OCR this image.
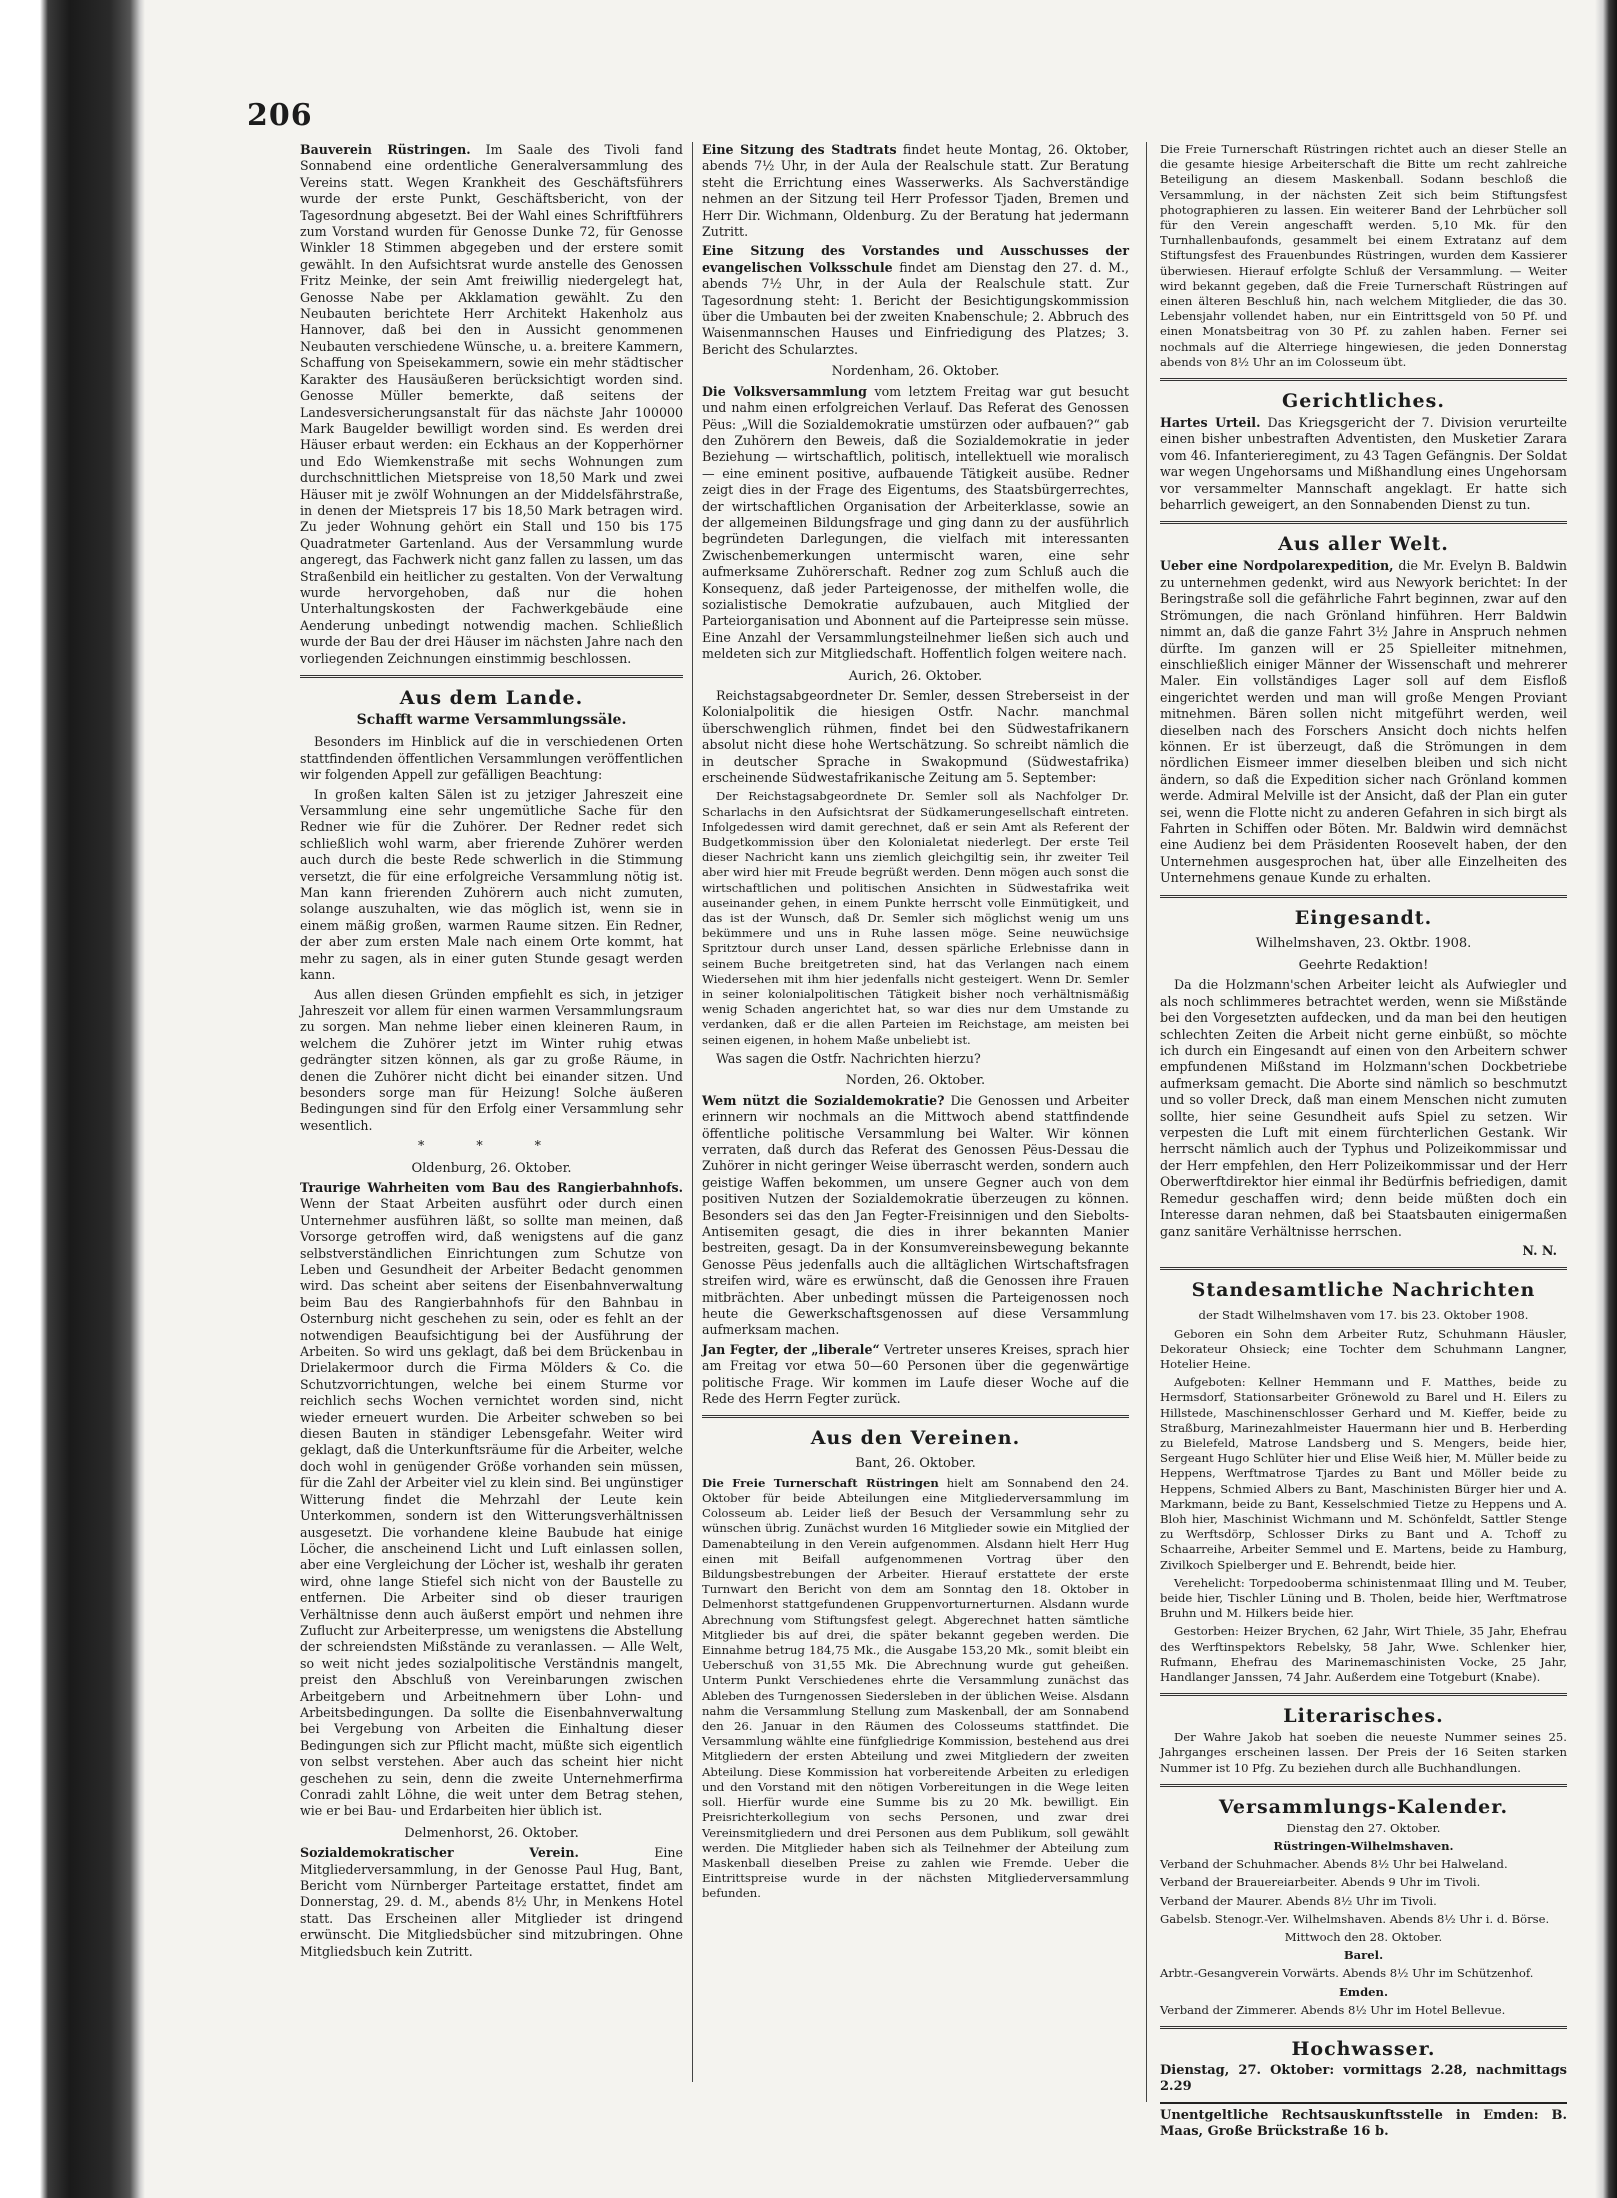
206

Bauverein Rüstringen. Im Saale des Tivoli fand Sonnabend eine ordentliche Generalversammlung des Vereins statt. Wegen Krankheit des Geschäftsführers wurde der erste Punkt, Geschäftsbericht, von der Tagesordnung abgesetzt. Bei der Wahl eines Schriftführers zum Vorstand wurden für Genosse Dunke 72, für Genosse Winkler 18 Stimmen abgegeben und der erstere somit gewählt. In den Aufsichtsrat wurde anstelle des Genossen Fritz Meinke, der sein Amt freiwillig niedergelegt hat, Genosse Nabe per Akklamation gewählt. Zu den Neubauten berichtete Herr Architekt Hakenholz aus Hannover, daß bei den in Aussicht genommenen Neubauten verschiedene Wünsche, u. a. breitere Kammern, Schaffung von Speisekammern, sowie ein mehr städtischer Karakter des Hausäußeren berücksichtigt worden sind. Genosse Müller bemerkte, daß seitens der Landesversicherungsanstalt für das nächste Jahr 100000 Mark Baugelder bewilligt worden sind. Es werden drei Häuser erbaut werden: ein Eckhaus an der Kopperhörner und Edo Wiemkenstraße mit sechs Wohnungen zum durchschnittlichen Mietspreise von 18,50 Mark und zwei Häuser mit je zwölf Wohnungen an der Middelsfährstraße, in denen der Mietspreis 17 bis 18,50 Mark betragen wird. Zu jeder Wohnung gehört ein Stall und 150 bis 175 Quadratmeter Gartenland. Aus der Versammlung wurde angeregt, das Fachwerk nicht ganz fallen zu lassen, um das Straßenbild ein heitlicher zu gestalten. Von der Verwaltung wurde hervorgehoben, daß nur die hohen Unterhaltungskosten der Fachwerkgebäude eine Aenderung unbedingt notwendig machen. Schließlich wurde der Bau der drei Häuser im nächsten Jahre nach den vorliegenden Zeichnungen einstimmig beschlossen.

Aus dem Lande.
Schafft warme Versammlungssäle.

Besonders im Hinblick auf die in verschiedenen Orten stattfindenden öffentlichen Versammlungen veröffentlichen wir folgenden Appell zur gefälligen Beachtung:

In großen kalten Sälen ist zu jetziger Jahreszeit eine Versammlung eine sehr ungemütliche Sache für den Redner wie für die Zuhörer. Der Redner redet sich schließlich wohl warm, aber frierende Zuhörer werden auch durch die beste Rede schwerlich in die Stimmung versetzt, die für eine erfolgreiche Versammlung nötig ist. Man kann frierenden Zuhörern auch nicht zumuten, solange auszuhalten, wie das möglich ist, wenn sie in einem mäßig großen, warmen Raume sitzen. Ein Redner, der aber zum ersten Male nach einem Orte kommt, hat mehr zu sagen, als in einer guten Stunde gesagt werden kann.

Aus allen diesen Gründen empfiehlt es sich, in jetziger Jahreszeit vor allem für einen warmen Versammlungsraum zu sorgen. Man nehme lieber einen kleineren Raum, in welchem die Zuhörer jetzt im Winter ruhig etwas gedrängter sitzen können, als gar zu große Räume, in denen die Zuhörer nicht dicht bei einander sitzen. Und besonders sorge man für Heizung! Solche äußeren Bedingungen sind für den Erfolg einer Versammlung sehr wesentlich.

* * *

Oldenburg, 26. Oktober.

Traurige Wahrheiten vom Bau des Rangierbahnhofs. Wenn der Staat Arbeiten ausführt oder durch einen Unternehmer ausführen läßt, so sollte man meinen, daß Vorsorge getroffen wird, daß wenigstens auf die ganz selbstverständlichen Einrichtungen zum Schutze von Leben und Gesundheit der Arbeiter Bedacht genommen wird. Das scheint aber seitens der Eisenbahnverwaltung beim Bau des Rangierbahnhofs für den Bahnbau in Osternburg nicht geschehen zu sein, oder es fehlt an der notwendigen Beaufsichtigung bei der Ausführung der Arbeiten. So wird uns geklagt, daß bei dem Brückenbau in Drielakermoor durch die Firma Mölders & Co. die Schutzvorrichtungen, welche bei einem Sturme vor reichlich sechs Wochen vernichtet worden sind, nicht wieder erneuert wurden. Die Arbeiter schweben so bei diesen Bauten in ständiger Lebensgefahr. Weiter wird geklagt, daß die Unterkunftsräume für die Arbeiter, welche doch wohl in genügender Größe vorhanden sein müssen, für die Zahl der Arbeiter viel zu klein sind. Bei ungünstiger Witterung findet die Mehrzahl der Leute kein Unterkommen, sondern ist den Witterungsverhältnissen ausgesetzt. Die vorhandene kleine Baubude hat einige Löcher, die anscheinend Licht und Luft einlassen sollen, aber eine Vergleichung der Löcher ist, weshalb ihr geraten wird, ohne lange Stiefel sich nicht von der Baustelle zu entfernen. Die Arbeiter sind ob dieser traurigen Verhältnisse denn auch äußerst empört und nehmen ihre Zuflucht zur Arbeiterpresse, um wenigstens die Abstellung der schreiendsten Mißstände zu veranlassen. — Alle Welt, so weit nicht jedes sozialpolitische Verständnis mangelt, preist den Abschluß von Vereinbarungen zwischen Arbeitgebern und Arbeitnehmern über Lohn- und Arbeitsbedingungen. Da sollte die Eisenbahnverwaltung bei Vergebung von Arbeiten die Einhaltung dieser Bedingungen sich zur Pflicht macht, müßte sich eigentlich von selbst verstehen. Aber auch das scheint hier nicht geschehen zu sein, denn die zweite Unternehmerfirma Conradi zahlt Löhne, die weit unter dem Betrag stehen, wie er bei Bau- und Erdarbeiten hier üblich ist.

Delmenhorst, 26. Oktober.

Sozialdemokratischer Verein.	Eine Mitgliederversammlung, in der Genosse Paul Hug, Bant, Bericht vom Nürnberger Parteitage erstattet, findet am Donnerstag, 29. d. M., abends 8½ Uhr, in Menkens Hotel statt. Das Erscheinen aller Mitglieder ist dringend erwünscht. Die Mitgliedsbücher sind mitzubringen. Ohne Mitgliedsbuch kein Zutritt.

Eine Sitzung des Stadtrats findet heute Montag, 26. Oktober, abends 7½ Uhr, in der Aula der Realschule statt. Zur Beratung steht die Errichtung eines Wasserwerks. Als Sachverständige nehmen an der Sitzung teil Herr Professor Tjaden, Bremen und Herr Dir. Wichmann, Oldenburg. Zu der Beratung hat jedermann Zutritt.

Eine Sitzung des Vorstandes und Ausschusses der evangelischen Volksschule findet am Dienstag den 27. d. M., abends 7½ Uhr, in der Aula der Realschule statt. Zur Tagesordnung steht: 1. Bericht der Besichtigungskommission über die Umbauten bei der zweiten Knabenschule; 2. Abbruch des Waisenmannschen Hauses und Einfriedigung des Platzes; 3. Bericht des Schularztes.

Nordenham, 26. Oktober.

Die Volksversammlung vom letztem Freitag war gut besucht und nahm einen erfolgreichen Verlauf. Das Referat des Genossen Pëus: „Will die Sozialdemokratie umstürzen oder aufbauen?“ gab den Zuhörern den Beweis, daß die Sozialdemokratie in jeder Beziehung — wirtschaftlich, politisch, intellektuell wie moralisch — eine eminent positive, aufbauende Tätigkeit ausübe. Redner zeigt dies in der Frage des Eigentums, des Staatsbürgerrechtes, der wirtschaftlichen Organisation der Arbeiterklasse, sowie an der allgemeinen Bildungsfrage und ging dann zu der ausführlich begründeten Darlegungen, die vielfach mit interessanten Zwischenbemerkungen untermischt waren, eine sehr aufmerksame Zuhörerschaft. Redner zog zum Schluß auch die Konsequenz, daß jeder Parteigenosse, der mithelfen wolle, die sozialistische Demokratie aufzubauen, auch Mitglied der Parteiorganisation und Abonnent auf die Parteipresse sein müsse. Eine Anzahl der Versammlungsteilnehmer ließen sich auch und meldeten sich zur Mitgliedschaft. Hoffentlich folgen weitere nach.

Aurich, 26. Oktober.

Reichstagsabgeordneter Dr. Semler, dessen Streberseist in der Kolonialpolitik die hiesigen Ostfr. Nachr. manchmal überschwenglich rühmen, findet bei den Südwestafrikanern absolut nicht diese hohe Wertschätzung. So schreibt nämlich die in deutscher Sprache in Swakopmund (Südwestafrika) erscheinende Südwestafrikanische Zeitung am 5. September:

Der Reichstagsabgeordnete Dr. Semler soll als Nachfolger Dr. Scharlachs in den Aufsichtsrat der Südkamerungesellschaft eintreten. Infolgedessen wird damit gerechnet, daß er sein Amt als Referent der Budgetkommission über den Kolonialetat niederlegt. Der erste Teil dieser Nachricht kann uns ziemlich gleichgiltig sein, ihr zweiter Teil aber wird hier mit Freude begrüßt werden. Denn mögen auch sonst die wirtschaftlichen und politischen Ansichten in Südwestafrika weit auseinander gehen, in einem Punkte herrscht volle Einmütigkeit, und das ist der Wunsch, daß Dr. Semler sich möglichst wenig um uns bekümmere und uns in Ruhe lassen möge. Seine neuwüchsige Spritztour durch unser Land, dessen spärliche Erlebnisse dann in seinem Buche breitgetreten sind, hat das Verlangen nach einem Wiedersehen mit ihm hier jedenfalls nicht gesteigert. Wenn Dr. Semler in seiner kolonialpolitischen Tätigkeit bisher noch verhältnismäßig wenig Schaden angerichtet hat, so war dies nur dem Umstande zu verdanken, daß er die allen Parteien im Reichstage, am meisten bei seinen eigenen, in hohem Maße unbeliebt ist.

Was sagen die Ostfr. Nachrichten hierzu?

Norden, 26. Oktober.

Wem nützt die Sozialdemokratie? Die Genossen und Arbeiter erinnern wir nochmals an die Mittwoch abend stattfindende öffentliche politische Versammlung bei Walter. Wir können verraten, daß durch das Referat des Genossen Pëus-Dessau die Zuhörer in nicht geringer Weise überrascht werden, sondern auch geistige Waffen bekommen, um unsere Gegner auch von dem positiven Nutzen der Sozialdemokratie überzeugen zu können. Besonders sei das den Jan Fegter-Freisinnigen und den Siebolts-Antisemiten gesagt, die dies in ihrer bekannten Manier bestreiten, gesagt. Da in der Konsumvereinsbewegung bekannte Genosse Pëus jedenfalls auch die alltäglichen Wirtschaftsfragen streifen wird, wäre es erwünscht, daß die Genossen ihre Frauen mitbrächten. Aber unbedingt müssen die Parteigenossen noch heute die Gewerkschaftsgenossen auf diese Versammlung aufmerksam machen.

Jan Fegter, der „liberale“ Vertreter unseres Kreises, sprach hier am Freitag vor etwa 50—60 Personen über die gegenwärtige politische Frage. Wir kommen im Laufe dieser Woche auf die Rede des Herrn Fegter zurück.

Aus den Vereinen.

Bant, 26. Oktober.

Die Freie Turnerschaft Rüstringen hielt am Sonnabend den 24. Oktober für beide Abteilungen eine Mitgliederversammlung im Colosseum ab. Leider ließ der Besuch der Versammlung sehr zu wünschen übrig. Zunächst wurden 16 Mitglieder sowie ein Mitglied der Damenabteilung in den Verein aufgenommen. Alsdann hielt Herr Hug einen mit Beifall aufgenommenen Vortrag über den Bildungsbestrebungen der Arbeiter. Hierauf erstattete der erste Turnwart den Bericht von dem am Sonntag den 18. Oktober in Delmenhorst stattgefundenen Gruppenvorturnerturnen. Alsdann wurde Abrechnung vom Stiftungsfest gelegt. Abgerechnet hatten sämtliche Mitglieder bis auf drei, die später bekannt gegeben werden. Die Einnahme betrug 184,75 Mk., die Ausgabe 153,20 Mk., somit bleibt ein Ueberschuß von 31,55 Mk. Die Abrechnung wurde gut geheißen. Unterm Punkt Verschiedenes ehrte die Versammlung zunächst das Ableben des Turngenossen Siedersleben in der üblichen Weise. Alsdann nahm die Versammlung Stellung zum Maskenball, der am Sonnabend den 26. Januar in den Räumen des Colosseums stattfindet. Die Versammlung wählte eine fünfgliedrige Kommission, bestehend aus drei Mitgliedern der ersten Abteilung und zwei Mitgliedern der zweiten Abteilung. Diese Kommission hat vorbereitende Arbeiten zu erledigen und den Vorstand mit den nötigen Vorbereitungen in die Wege leiten soll. Hierfür wurde eine Summe bis zu 20 Mk. bewilligt. Ein Preisrichterkollegium von sechs Personen, und zwar drei Vereinsmitgliedern und drei Personen aus dem Publikum, soll gewählt werden. Die Mitglieder haben sich als Teilnehmer der Abteilung zum Maskenball dieselben Preise zu zahlen wie Fremde. Ueber die Eintrittspreise wurde in der nächsten Mitgliederversammlung befunden.

Die Freie Turnerschaft Rüstringen richtet auch an dieser Stelle an die gesamte hiesige Arbeiterschaft die Bitte um recht zahlreiche Beteiligung an diesem Maskenball. Sodann beschloß die Versammlung, in der nächsten Zeit sich beim Stiftungsfest photographieren zu lassen. Ein weiterer Band der Lehrbücher soll für den Verein angeschafft werden. 5,10 Mk. für den Turnhallenbaufonds, gesammelt bei einem Extratanz auf dem Stiftungsfest des Frauenbundes Rüstringen, wurden dem Kassierer überwiesen. Hierauf erfolgte Schluß der Versammlung. — Weiter wird bekannt gegeben, daß die Freie Turnerschaft Rüstringen auf einen älteren Beschluß hin, nach welchem Mitglieder, die das 30. Lebensjahr vollendet haben, nur ein Eintrittsgeld von 50 Pf. und einen Monatsbeitrag von 30 Pf. zu zahlen haben. Ferner sei nochmals auf die Alterriege hingewiesen, die jeden Donnerstag abends von 8½ Uhr an im Colosseum übt.

Gerichtliches.

Hartes Urteil. Das Kriegsgericht der 7. Division verurteilte einen bisher unbestraften Adventisten, den Musketier Zarara vom 46. Infanterieregiment, zu 43 Tagen Gefängnis. Der Soldat war wegen Ungehorsams und Mißhandlung eines Ungehorsam vor versammelter Mannschaft angeklagt. Er hatte sich beharrlich geweigert, an den Sonnabenden Dienst zu tun.

Aus aller Welt.

Ueber eine Nordpolarexpedition, die Mr. Evelyn B. Baldwin zu unternehmen gedenkt, wird aus Newyork berichtet: In der Beringstraße soll die gefährliche Fahrt beginnen, zwar auf den Strömungen, die nach Grönland hinführen. Herr Baldwin nimmt an, daß die ganze Fahrt 3½ Jahre in Anspruch nehmen dürfte. Im ganzen will er 25 Spielleiter mitnehmen, einschließlich einiger Männer der Wissenschaft und mehrerer Maler. Ein vollständiges Lager soll auf dem Eisfloß eingerichtet werden und man will große Mengen Proviant mitnehmen. Bären sollen nicht mitgeführt werden, weil dieselben nach des Forschers Ansicht doch nichts helfen können. Er ist überzeugt, daß die Strömungen in dem nördlichen Eismeer immer dieselben bleiben und sich nicht ändern, so daß die Expedition sicher nach Grönland kommen werde. Admiral Melville ist der Ansicht, daß der Plan ein guter sei, wenn die Flotte nicht zu anderen Gefahren in sich birgt als Fahrten in Schiffen oder Böten. Mr. Baldwin wird demnächst eine Audienz bei dem Präsidenten Roosevelt haben, der den Unternehmen ausgesprochen hat, über alle Einzelheiten des Unternehmens genaue Kunde zu erhalten.

Eingesandt.

Wilhelmshaven, 23. Oktbr. 1908.

Geehrte Redaktion!

Da die Holzmann'schen Arbeiter leicht als Aufwiegler und als noch schlimmeres betrachtet werden, wenn sie Mißstände bei den Vorgesetzten aufdecken, und da man bei den heutigen schlechten Zeiten die Arbeit nicht gerne einbüßt, so möchte ich durch ein Eingesandt auf einen von den Arbeitern schwer empfundenen Mißstand im Holzmann'schen Dockbetriebe aufmerksam gemacht. Die Aborte sind nämlich so beschmutzt und so voller Dreck, daß man einem Menschen nicht zumuten sollte, hier seine Gesundheit aufs Spiel zu setzen. Wir verpesten die Luft mit einem fürchterlichen Gestank. Wir herrscht nämlich auch der Typhus und Polizeikommissar und der Herr empfehlen, den Herr Polizeikommissar und der Herr Oberwerftdirektor hier einmal ihr Bedürfnis befriedigen, damit Remedur geschaffen wird; denn beide müßten doch ein Interesse daran nehmen, daß bei Staatsbauten einigermaßen ganz sanitäre Verhältnisse herrschen.

N. N.

Standesamtliche Nachrichten

der Stadt Wilhelmshaven vom 17. bis 23. Oktober 1908.

Geboren ein Sohn dem Arbeiter Rutz, Schuhmann Häusler, Dekorateur Ohsieck; eine Tochter dem Schuhmann Langner, Hotelier Heine.

Aufgeboten: Kellner Hemmann und F. Matthes, beide zu Hermsdorf, Stationsarbeiter Grönewold zu Barel und H. Eilers zu Hillstede, Maschinenschlosser Gerhard und M. Kieffer, beide zu Straßburg, Marinezahlmeister Hauermann hier und B. Herberding zu Bielefeld, Matrose Landsberg und S. Mengers, beide hier, Sergeant Hugo Schlüter hier und Elise Weiß hier, M. Müller beide zu Heppens, Werftmatrose Tjardes zu Bant und Möller beide zu Heppens, Schmied Albers zu Bant, Maschinisten Bürger hier und A. Markmann, beide zu Bant, Kesselschmied Tietze zu Heppens und A. Bloh hier, Maschinist Wichmann und M. Schönfeldt, Sattler Stenge zu Werftsdörp, Schlosser Dirks zu Bant und A. Tchoff zu Schaarreihe, Arbeiter Semmel und E. Martens, beide zu Hamburg, Zivilkoch Spielberger und E. Behrendt, beide hier.

Verehelicht: Torpedooberma schinistenmaat Illing und M. Teuber, beide hier, Tischler Lüning und B. Tholen, beide hier, Werftmatrose Bruhn und M. Hilkers beide hier.

Gestorben: Heizer Brychen, 62 Jahr, Wirt Thiele, 35 Jahr, Ehefrau des Werftinspektors Rebelsky, 58 Jahr, Wwe. Schlenker hier, Rufmann, Ehefrau des Marinemaschinisten Vocke, 25 Jahr, Handlanger Janssen, 74 Jahr. Außerdem eine Totgeburt (Knabe).

Literarisches.

Der Wahre Jakob hat soeben die neueste Nummer seines 25. Jahrganges erscheinen lassen. Der Preis der 16 Seiten starken Nummer ist 10 Pfg. Zu beziehen durch alle Buchhandlungen.

Versammlungs-Kalender.

Dienstag den 27. Oktober.

Rüstringen-Wilhelmshaven.

Verband der Schuhmacher. Abends 8½ Uhr bei Halweland.

Verband der Brauereiarbeiter. Abends 9 Uhr im Tivoli.

Verband der Maurer. Abends 8½ Uhr im Tivoli.

Gabelsb. Stenogr.-Ver. Wilhelmshaven. Abends 8½ Uhr i. d. Börse.

Mittwoch den 28. Oktober.

Barel.

Arbtr.-Gesangverein Vorwärts. Abends 8½ Uhr im Schützenhof.

Emden.

Verband der Zimmerer. Abends 8½ Uhr im Hotel Bellevue.

Hochwasser.

Dienstag, 27. Oktober: vormittags 2.28, nachmittags 2.29

Unentgeltliche Rechtsauskunftsstelle in Emden: B. Maas, Große Brückstraße 16 b.
